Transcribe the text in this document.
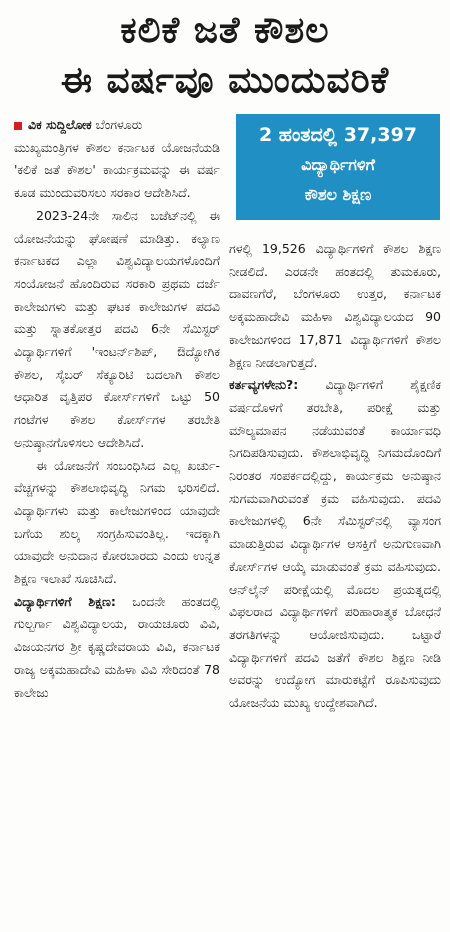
ಕಲಿಕೆ ಜತೆ ಕೌಶಲ
ಈ ವರ್ಷವೂ ಮುಂದುವರಿಕೆ
2 ಹಂತದಲ್ಲಿ 37,397
ವಿದ್ಯಾರ್ಥಿಗಳಿಗೆ
ಕೌಶಲ ಶಿಕ್ಷಣ

ವಿಕ ಸುದ್ದಿಲೋಕ ಬೆಂಗಳೂರು

ಮುಖ್ಯಮಂತ್ರಿಗಳ ಕೌಶಲ ಕರ್ನಾಟಕ ಯೋಜನೆಯಡಿ 'ಕಲಿಕೆ ಜತೆ ಕೌಶಲ' ಕಾರ್ಯಕ್ರಮವನ್ನು ಈ ವರ್ಷ ಕೂಡ ಮುಂದುವರಿಸಲು ಸರಕಾರ ಆದೇಶಿಸಿದೆ.

2023-24ನೇ ಸಾಲಿನ ಬಜೆಟ್‌ನಲ್ಲಿ ಈ ಯೋಜನೆಯನ್ನು ಘೋಷಣೆ ಮಾಡಿತ್ತು. ಕಲ್ಯಾಣ ಕರ್ನಾಟಕದ ಎಲ್ಲಾ ವಿಶ್ವವಿದ್ಯಾಲಯಗಳೊಂದಿಗೆ ಸಂಯೋಜನೆ ಹೊಂದಿರುವ ಸರಕಾರಿ ಪ್ರಥಮ ದರ್ಜೆ ಕಾಲೇಜುಗಳು ಮತ್ತು ಘಟಕ ಕಾಲೇಜುಗಳ ಪದವಿ ಮತ್ತು ಸ್ನಾತಕೋತ್ತರ ಪದವಿ 6ನೇ ಸೆಮಿಸ್ಟರ್ ವಿದ್ಯಾರ್ಥಿಗಳಿಗೆ 'ಇಂಟರ್ನ್‌ಶಿಪ್, ಔದ್ಯೋಗಿಕ ಕೌಶಲ, ಸೈಬರ್ ಸೆಕ್ಯೂರಿಟಿ ಬದಲಾಗಿ ಕೌಶಲ ಆಧಾರಿತ ವೃತ್ತಿಪರ ಕೋರ್ಸ್‌ಗಳಿಗೆ ಒಟ್ಟು 50 ಗಂಟೆಗಳ ಕೌಶಲ ಕೋರ್ಸ್‌ಗಳ ತರಬೇತಿ ಅನುಷ್ಠಾನಗೊಳಿಸಲು ಆದೇಶಿಸಿದೆ.

ಈ ಯೋಜನೆಗೆ ಸಂಬಂಧಿಸಿದ ಎಲ್ಲ ಖರ್ಚು-ವೆಚ್ಚಗಳನ್ನು ಕೌಶಲಾಭಿವೃದ್ಧಿ ನಿಗಮ ಭರಿಸಲಿದೆ. ವಿದ್ಯಾರ್ಥಿಗಳು ಮತ್ತು ಕಾಲೇಜುಗಳಿಂದ ಯಾವುದೇ ಬಗೆಯ ಶುಲ್ಕ ಸಂಗ್ರಹಿಸುವಂತಿಲ್ಲ. ಇದಕ್ಕಾಗಿ ಯಾವುದೇ ಅನುದಾನ ಕೋರಬಾರದು ಎಂದು ಉನ್ನತ ಶಿಕ್ಷಣ ಇಲಾಖೆ ಸೂಚಿಸಿದೆ.

ವಿದ್ಯಾರ್ಥಿಗಳಿಗೆ ಶಿಕ್ಷಣ: ಒಂದನೇ ಹಂತದಲ್ಲಿ ಗುಲ್ಬರ್ಗಾ ವಿಶ್ವವಿದ್ಯಾಲಯ, ರಾಯಚೂರು ವಿವಿ, ವಿಜಯನಗರ ಶ್ರೀ ಕೃಷ್ಣದೇವರಾಯ ವಿವಿ, ಕರ್ನಾಟಕ ರಾಜ್ಯ ಅಕ್ಕಮಹಾದೇವಿ ಮಹಿಳಾ ವಿವಿ ಸೇರಿದಂತೆ 78 ಕಾಲೇಜು

ಗಳಲ್ಲಿ 19,526 ವಿದ್ಯಾರ್ಥಿಗಳಿಗೆ ಕೌಶಲ ಶಿಕ್ಷಣ ನೀಡಲಿದೆ. ಎರಡನೇ ಹಂತದಲ್ಲಿ ತುಮಕೂರು, ದಾವಣಗೆರೆ, ಬೆಂಗಳೂರು ಉತ್ತರ, ಕರ್ನಾಟಕ ಅಕ್ಕಮಹಾದೇವಿ ಮಹಿಳಾ ವಿಶ್ವವಿದ್ಯಾಲಯದ 90 ಕಾಲೇಜುಗಳಿಂದ 17,871 ವಿದ್ಯಾರ್ಥಿಗಳಿಗೆ ಕೌಶಲ ಶಿಕ್ಷಣ ನೀಡಲಾಗುತ್ತದೆ.

ಕರ್ತವ್ಯಗಳೇನು?: ವಿದ್ಯಾರ್ಥಿಗಳಿಗೆ ಶೈಕ್ಷಣಿಕ ವರ್ಷದೊಳಗೆ ತರಬೇತಿ, ಪರೀಕ್ಷೆ ಮತ್ತು ಮೌಲ್ಯಮಾಪನ ನಡೆಯುವಂತೆ ಕಾರ್ಯಾವಧಿ ನಿಗದಿಪಡಿಸುವುದು. ಕೌಶಲಾಭಿವೃದ್ಧಿ ನಿಗಮದೊಂದಿಗೆ ನಿರಂತರ ಸಂಪರ್ಕದಲ್ಲಿದ್ದು, ಕಾರ್ಯಕ್ರಮ ಅನುಷ್ಠಾನ ಸುಗಮವಾಗಿರುವಂತೆ ಕ್ರಮ ವಹಿಸುವುದು. ಪದವಿ ಕಾಲೇಜುಗಳಲ್ಲಿ 6ನೇ ಸೆಮಿಸ್ಟರ್‌ನಲ್ಲಿ ವ್ಯಾಸಂಗ ಮಾಡುತ್ತಿರುವ ವಿದ್ಯಾರ್ಥಿಗಳ ಆಸಕ್ತಿಗೆ ಅನುಗುಣವಾಗಿ ಕೋರ್ಸ್‌ಗಳ ಆಯ್ಕೆ ಮಾಡುವಂತೆ ಕ್ರಮ ವಹಿಸುವುದು. ಆನ್‌ಲೈನ್ ಪರೀಕ್ಷೆಯಲ್ಲಿ ಮೊದಲ ಪ್ರಯತ್ನದಲ್ಲಿ ವಿಫಲರಾದ ವಿದ್ಯಾರ್ಥಿಗಳಿಗೆ ಪರಿಹಾರಾತ್ಮಕ ಬೋಧನೆ ತರಗತಿಗಳನ್ನು ಆಯೋಜಿಸುವುದು. ಒಟ್ಟಾರೆ ವಿದ್ಯಾರ್ಥಿಗಳಿಗೆ ಪದವಿ ಜತೆಗೆ ಕೌಶಲ ಶಿಕ್ಷಣ ನೀಡಿ ಅವರನ್ನು ಉದ್ಯೋಗ ಮಾರುಕಟ್ಟೆಗೆ ರೂಪಿಸುವುದು ಯೋಜನೆಯ ಮುಖ್ಯ ಉದ್ದೇಶವಾಗಿದೆ.
